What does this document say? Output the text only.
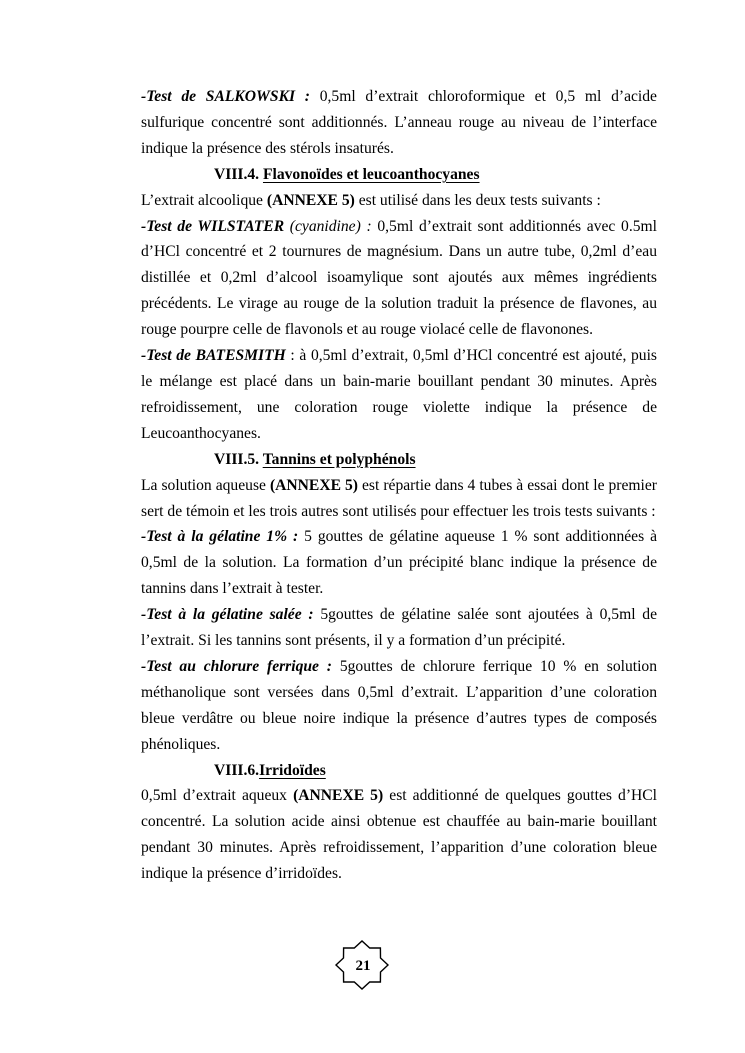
-Test de SALKOWSKI : 0,5ml d’extrait chloroformique et 0,5 ml d’acide sulfurique concentré sont additionnés. L’anneau rouge au niveau de l’interface indique la présence des stérols insaturés.

VIII.4. Flavonoïdes et leucoanthocyanes

L’extrait alcoolique (ANNEXE 5) est utilisé dans les deux tests suivants :

-Test de WILSTATER (cyanidine) : 0,5ml d’extrait sont additionnés avec 0.5ml d’HCl concentré et 2 tournures de magnésium. Dans un autre tube, 0,2ml d’eau distillée et 0,2ml d’alcool isoamylique sont ajoutés aux mêmes ingrédients précédents. Le virage au rouge de la solution traduit la présence de flavones, au rouge pourpre celle de flavonols et au rouge violacé celle de flavonones.

-Test de BATESMITH : à 0,5ml d’extrait, 0,5ml d’HCl concentré est ajouté, puis le mélange est placé dans un bain-marie bouillant pendant 30 minutes. Après refroidissement, une coloration rouge violette indique la présence de Leucoanthocyanes.

VIII.5. Tannins et polyphénols

La solution aqueuse (ANNEXE 5) est répartie dans 4 tubes à essai dont le premier sert de témoin et les trois autres sont utilisés pour effectuer les trois tests suivants :

-Test à la gélatine 1% : 5 gouttes de gélatine aqueuse 1 % sont additionnées à 0,5ml de la solution. La formation d’un précipité blanc indique la présence de tannins dans l’extrait à tester.

-Test à la gélatine salée : 5gouttes de gélatine salée sont ajoutées à 0,5ml de l’extrait. Si les tannins sont présents, il y a formation d’un précipité.

-Test au chlorure ferrique : 5gouttes de chlorure ferrique 10 % en solution méthanolique sont versées dans 0,5ml d’extrait. L’apparition d’une coloration bleue verdâtre ou bleue noire indique la présence d’autres types de composés phénoliques.

VIII.6.Irridoïdes

0,5ml d’extrait aqueux (ANNEXE 5) est additionné de quelques gouttes d’HCl concentré. La solution acide ainsi obtenue est chauffée au bain-marie bouillant pendant 30 minutes. Après refroidissement, l’apparition d’une coloration bleue indique la présence d’irridoïdes.

21
